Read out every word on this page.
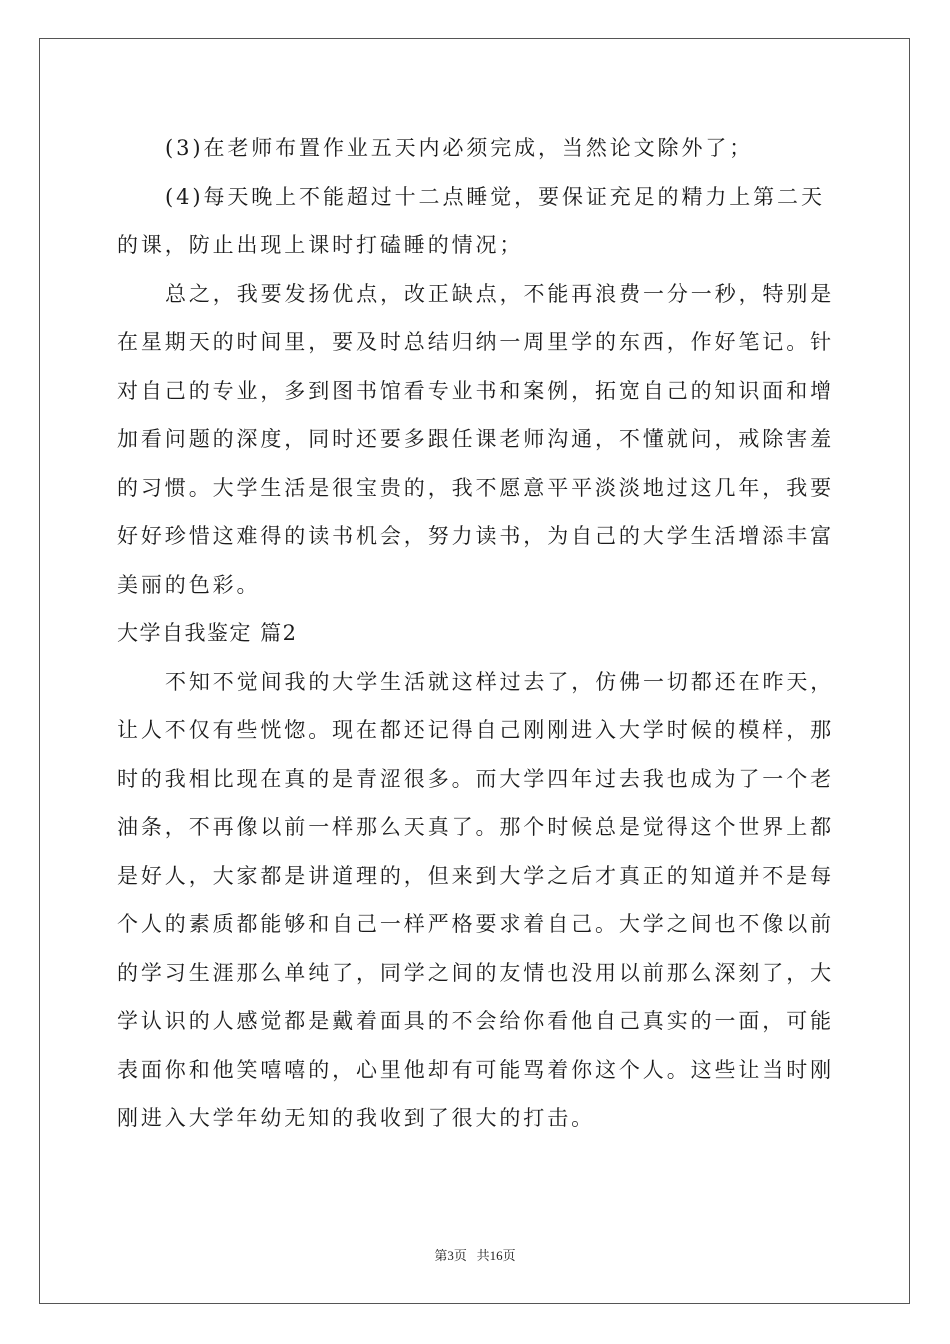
(3)在老师布置作业五天内必须完成，当然论文除外了；
(4)每天晚上不能超过十二点睡觉，要保证充足的精力上第二天
的课，防止出现上课时打磕睡的情况；
总之，我要发扬优点，改正缺点，不能再浪费一分一秒，特别是
在星期天的时间里，要及时总结归纳一周里学的东西，作好笔记。针
对自己的专业，多到图书馆看专业书和案例，拓宽自己的知识面和增
加看问题的深度，同时还要多跟任课老师沟通，不懂就问，戒除害羞
的习惯。大学生活是很宝贵的，我不愿意平平淡淡地过这几年，我要
好好珍惜这难得的读书机会，努力读书，为自己的大学生活增添丰富
美丽的色彩。
大学自我鉴定 篇2
不知不觉间我的大学生活就这样过去了，仿佛一切都还在昨天，
让人不仅有些恍惚。现在都还记得自己刚刚进入大学时候的模样，那
时的我相比现在真的是青涩很多。而大学四年过去我也成为了一个老
油条，不再像以前一样那么天真了。那个时候总是觉得这个世界上都
是好人，大家都是讲道理的，但来到大学之后才真正的知道并不是每
个人的素质都能够和自己一样严格要求着自己。大学之间也不像以前
的学习生涯那么单纯了，同学之间的友情也没用以前那么深刻了，大
学认识的人感觉都是戴着面具的不会给你看他自己真实的一面，可能
表面你和他笑嘻嘻的，心里他却有可能骂着你这个人。这些让当时刚
刚进入大学年幼无知的我收到了很大的打击。
第3页   共16页
